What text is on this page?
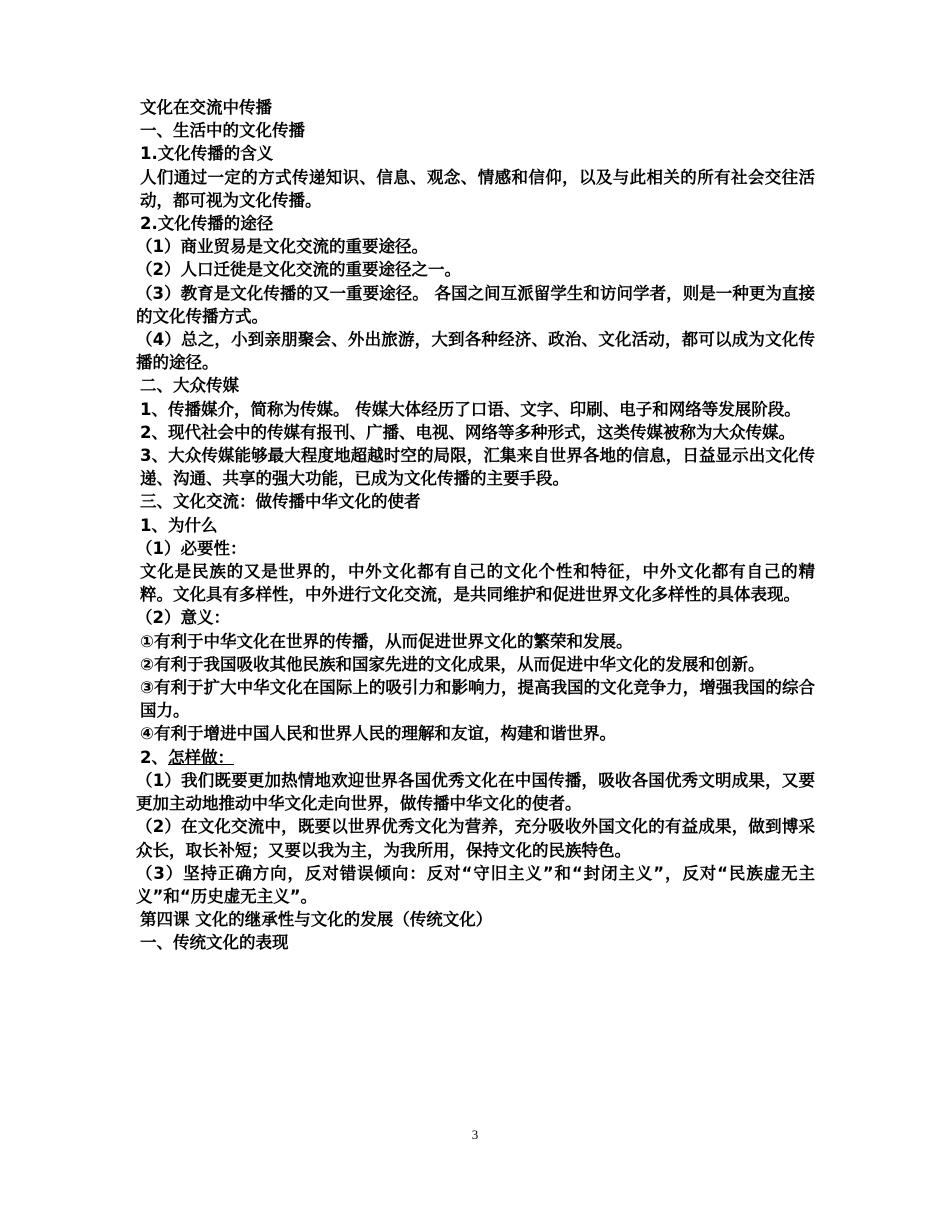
文化在交流中传播

一、生活中的文化传播

1.文化传播的含义

人们通过一定的方式传递知识、信息、观念、情感和信仰，以及与此相关的所有社会交往活动，都可视为文化传播。

2.文化传播的途径

（1）商业贸易是文化交流的重要途径。

（2）人口迁徙是文化交流的重要途径之一。

（3）教育是文化传播的又一重要途径。 各国之间互派留学生和访问学者，则是一种更为直接的文化传播方式。

（4）总之，小到亲朋聚会、外出旅游，大到各种经济、政治、文化活动，都可以成为文化传播的途径。

二、大众传媒

1、传播媒介，简称为传媒。 传媒大体经历了口语、文字、印刷、电子和网络等发展阶段。

2、现代社会中的传媒有报刊、广播、电视、网络等多种形式，这类传媒被称为大众传媒。

3、大众传媒能够最大程度地超越时空的局限，汇集来自世界各地的信息，日益显示出文化传递、沟通、共享的强大功能，已成为文化传播的主要手段。

三、文化交流：做传播中华文化的使者

1、为什么

（1）必要性：

文化是民族的又是世界的，中外文化都有自己的文化个性和特征，中外文化都有自己的精粹。文化具有多样性，中外进行文化交流，是共同维护和促进世界文化多样性的具体表现。

（2）意义：

①有利于中华文化在世界的传播，从而促进世界文化的繁荣和发展。

②有利于我国吸收其他民族和国家先进的文化成果，从而促进中华文化的发展和创新。

③有利于扩大中华文化在国际上的吸引力和影响力，提高我国的文化竞争力，增强我国的综合国力。

④有利于增进中国人民和世界人民的理解和友谊，构建和谐世界。

2、怎样做：

（1）我们既要更加热情地欢迎世界各国优秀文化在中国传播，吸收各国优秀文明成果，又要更加主动地推动中华文化走向世界，做传播中华文化的使者。

（2）在文化交流中，既要以世界优秀文化为营养，充分吸收外国文化的有益成果，做到博采众长，取长补短；又要以我为主，为我所用，保持文化的民族特色。

（3）坚持正确方向，反对错误倾向：反对“守旧主义”和“封闭主义”，反对“民族虚无主义”和“历史虚无主义”。

第四课 文化的继承性与文化的发展（传统文化）

一、传统文化的表现

3
